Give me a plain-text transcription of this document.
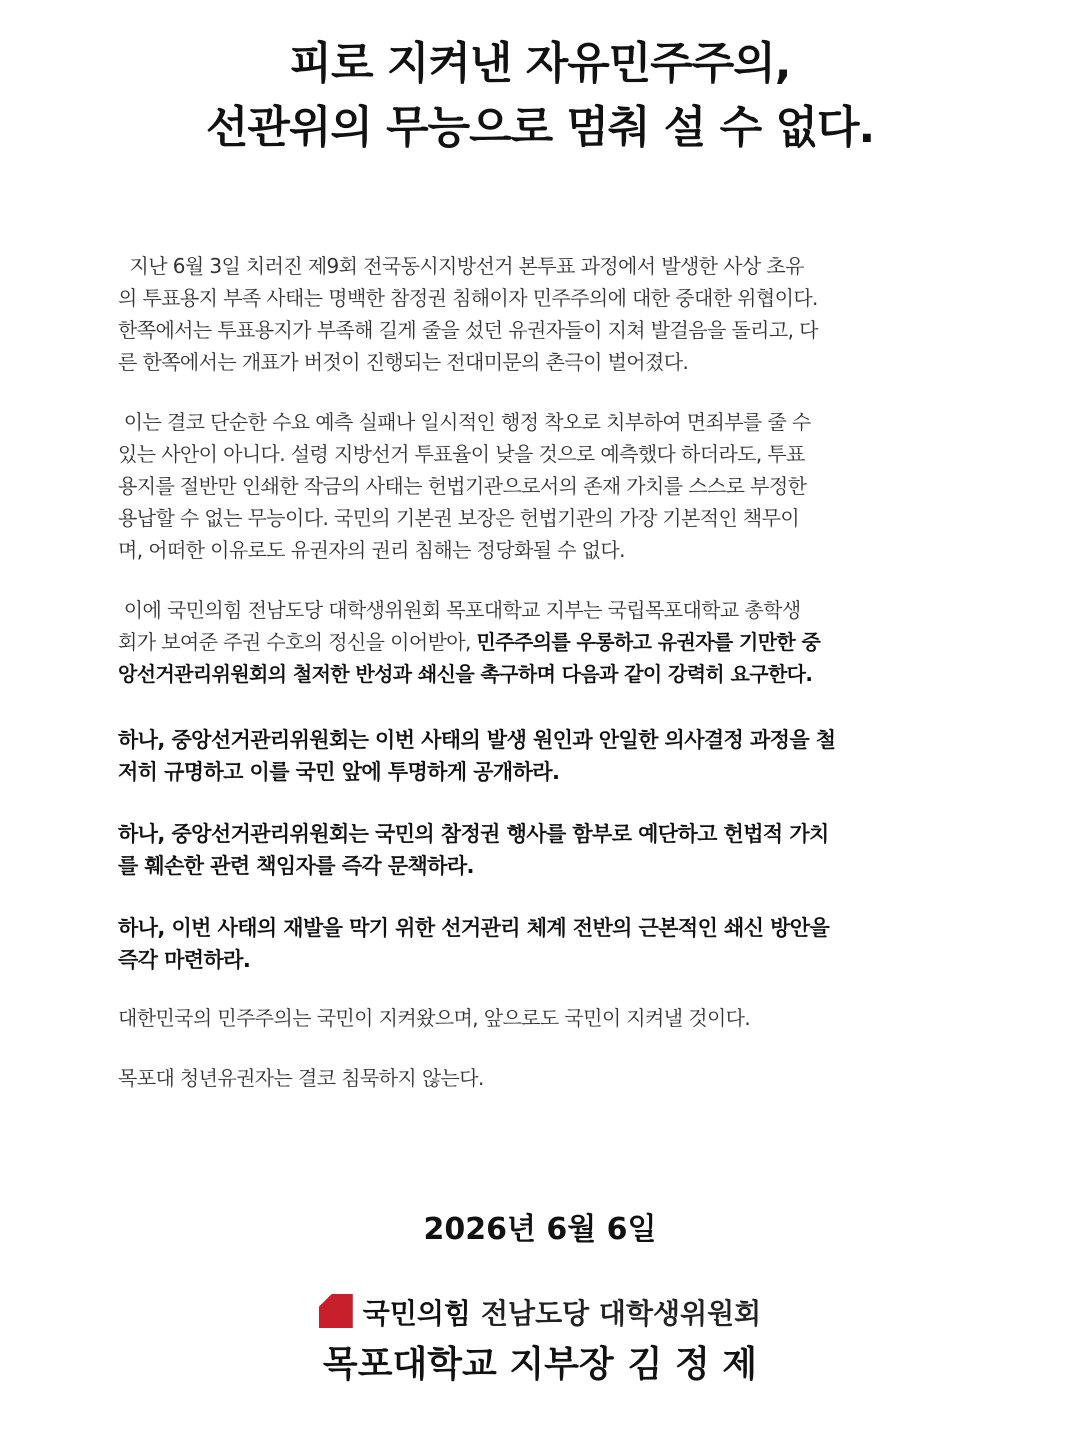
피로 지켜낸 자유민주주의,
선관위의 무능으로 멈춰 설 수 없다.
지난 6월 3일 치러진 제9회 전국동시지방선거 본투표 과정에서 발생한 사상 초유
의 투표용지 부족 사태는 명백한 참정권 침해이자 민주주의에 대한 중대한 위협이다.
한쪽에서는 투표용지가 부족해 길게 줄을 섰던 유권자들이 지쳐 발걸음을 돌리고, 다
른 한쪽에서는 개표가 버젓이 진행되는 전대미문의 촌극이 벌어졌다.
이는 결코 단순한 수요 예측 실패나 일시적인 행정 착오로 치부하여 면죄부를 줄 수
있는 사안이 아니다. 설령 지방선거 투표율이 낮을 것으로 예측했다 하더라도, 투표
용지를 절반만 인쇄한 작금의 사태는 헌법기관으로서의 존재 가치를 스스로 부정한
용납할 수 없는 무능이다. 국민의 기본권 보장은 헌법기관의 가장 기본적인 책무이
며, 어떠한 이유로도 유권자의 권리 침해는 정당화될 수 없다.
이에 국민의힘 전남도당 대학생위원회 목포대학교 지부는 국립목포대학교 총학생
회가 보여준 주권 수호의 정신을 이어받아, 민주주의를 우롱하고 유권자를 기만한 중
앙선거관리위원회의 철저한 반성과 쇄신을 촉구하며 다음과 같이 강력히 요구한다.
하나, 중앙선거관리위원회는 이번 사태의 발생 원인과 안일한 의사결정 과정을 철
저히 규명하고 이를 국민 앞에 투명하게 공개하라.
하나, 중앙선거관리위원회는 국민의 참정권 행사를 함부로 예단하고 헌법적 가치
를 훼손한 관련 책임자를 즉각 문책하라.
하나, 이번 사태의 재발을 막기 위한 선거관리 체계 전반의 근본적인 쇄신 방안을
즉각 마련하라.
대한민국의 민주주의는 국민이 지켜왔으며, 앞으로도 국민이 지켜낼 것이다.
목포대 청년유권자는 결코 침묵하지 않는다.
2026년 6월 6일
국민의힘 전남도당 대학생위원회
목포대학교 지부장 김 정 제
